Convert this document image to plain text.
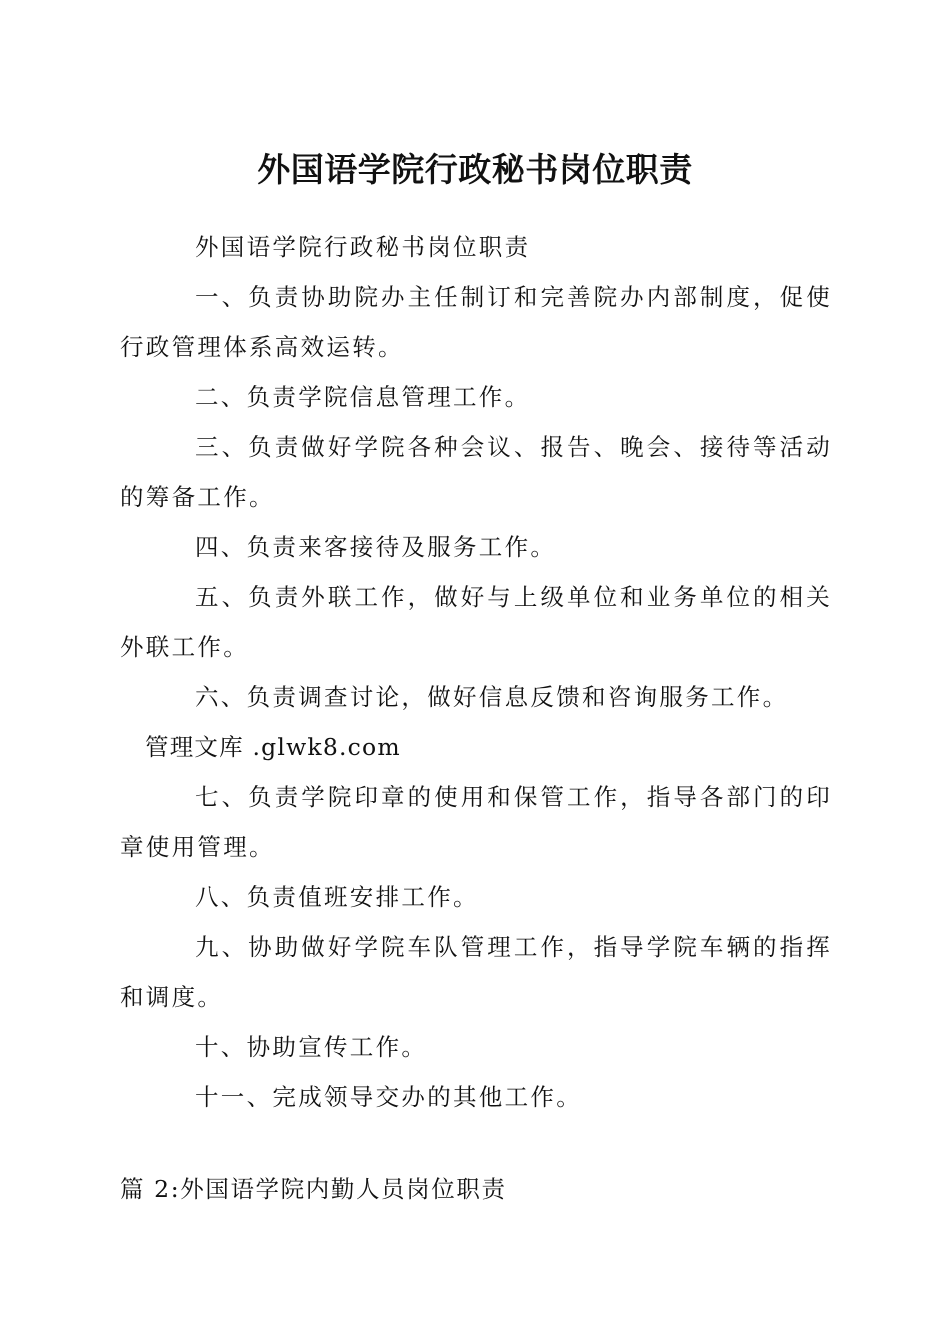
外国语学院行政秘书岗位职责

外国语学院行政秘书岗位职责

一、负责协助院办主任制订和完善院办内部制度，促使行政管理体系高效运转。

二、负责学院信息管理工作。

三、负责做好学院各种会议、报告、晚会、接待等活动的筹备工作。

四、负责来客接待及服务工作。

五、负责外联工作，做好与上级单位和业务单位的相关外联工作。

六、负责调查讨论，做好信息反馈和咨询服务工作。

管理文库 .glwk8.com

七、负责学院印章的使用和保管工作，指导各部门的印章使用管理。

八、负责值班安排工作。

九、协助做好学院车队管理工作，指导学院车辆的指挥和调度。

十、协助宣传工作。

十一、完成领导交办的其他工作。

篇 2:外国语学院内勤人员岗位职责
